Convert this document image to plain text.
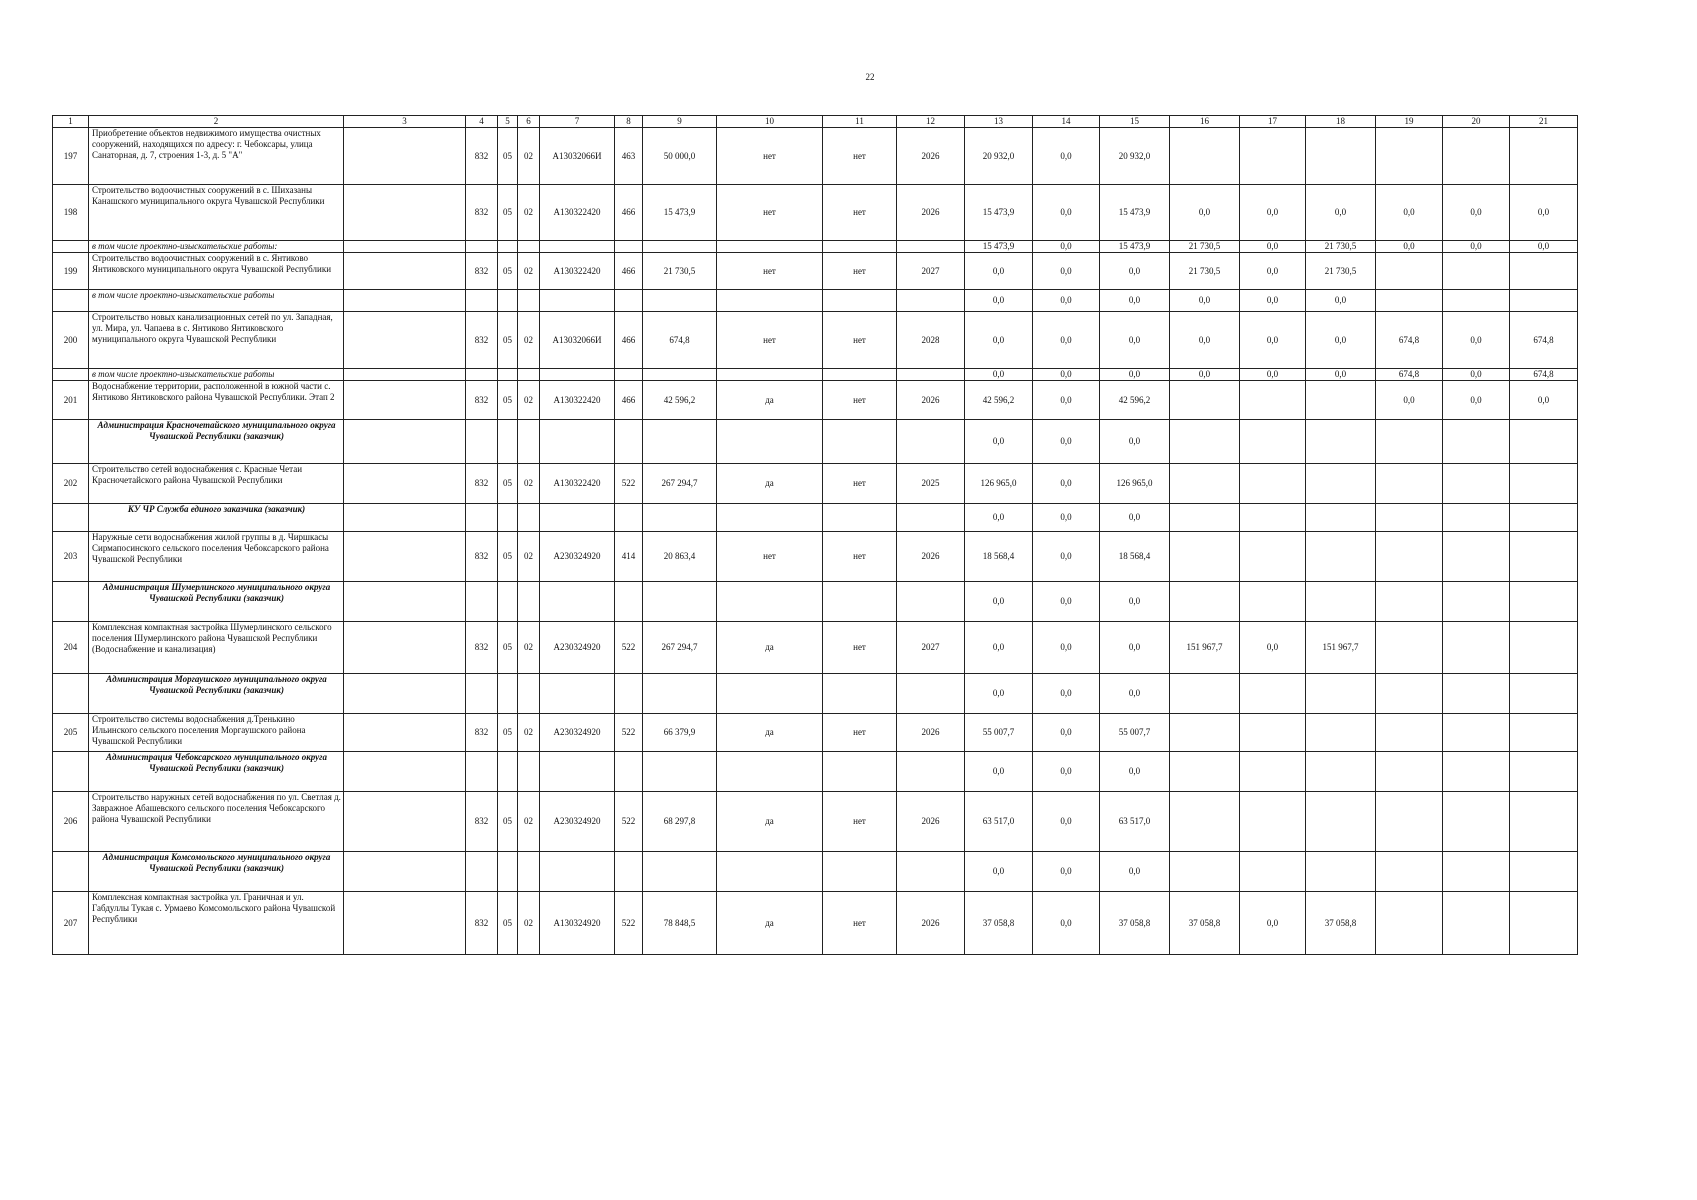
22
1	2	3	4	5	6	7	8	9	10	11	12	13	14	15	16	17	18	19	20	21
197	Приобретение объектов недвижимого имущества очистных сооружений, находящихся по адресу: г. Чебоксары, улица Санаторная, д. 7, строения 1-3, д. 5 "А"		832	05	02	А13032066И	463	50 000,0	нет	нет	2026	20 932,0	0,0	20 932,0						
198	Строительство водоочистных сооружений в с. Шихазаны Канашского муниципального округа Чувашской Республики		832	05	02	А130322420	466	15 473,9	нет	нет	2026	15 473,9	0,0	15 473,9	0,0	0,0	0,0	0,0	0,0	0,0
	в том числе проектно-изыскательские работы:											15 473,9	0,0	15 473,9	21 730,5	0,0	21 730,5	0,0	0,0	0,0
199	Строительство водоочистных сооружений в с. Янтиково Янтиковского муниципального округа Чувашской Республики		832	05	02	А130322420	466	21 730,5	нет	нет	2027	0,0	0,0	0,0	21 730,5	0,0	21 730,5			
	в том числе проектно-изыскательские работы											0,0	0,0	0,0	0,0	0,0	0,0			
200	Строительство новых канализационных сетей по ул. Западная, ул. Мира, ул. Чапаева в с. Янтиково Янтиковского муниципального округа Чувашской Республики		832	05	02	А13032066И	466	674,8	нет	нет	2028	0,0	0,0	0,0	0,0	0,0	0,0	674,8	0,0	674,8
	в том числе проектно-изыскательские работы											0,0	0,0	0,0	0,0	0,0	0,0	674,8	0,0	674,8
201	Водоснабжение территории, расположенной в южной части с. Янтиково Янтиковского района Чувашской Республики. Этап 2		832	05	02	А130322420	466	42 596,2	да	нет	2026	42 596,2	0,0	42 596,2				0,0	0,0	0,0
	Администрация Красночетайского муниципального округа Чувашской Республики (заказчик)											0,0	0,0	0,0						
202	Строительство сетей водоснабжения с. Красные Четаи Красночетайского района Чувашской Республики		832	05	02	А130322420	522	267 294,7	да	нет	2025	126 965,0	0,0	126 965,0						
	КУ ЧР Служба единого заказчика (заказчик)											0,0	0,0	0,0						
203	Наружные сети водоснабжения жилой группы в д. Чиршкасы Сирмапосинского сельского поселения Чебоксарского района Чувашской Республики		832	05	02	А230324920	414	20 863,4	нет	нет	2026	18 568,4	0,0	18 568,4						
	Администрация Шумерлинского муниципального округа Чувашской Республики (заказчик)											0,0	0,0	0,0						
204	Комплексная компактная застройка Шумерлинского сельского поселения Шумерлинского района Чувашской Республики (Водоснабжение и канализация)		832	05	02	А230324920	522	267 294,7	да	нет	2027	0,0	0,0	0,0	151 967,7	0,0	151 967,7			
	Администрация Моргаушского муниципального округа Чувашской Республики (заказчик)											0,0	0,0	0,0						
205	Строительство системы водоснабжения д.Тренькино Ильинского сельского поселения Моргаушского района Чувашской Республики		832	05	02	А230324920	522	66 379,9	да	нет	2026	55 007,7	0,0	55 007,7						
	Администрация Чебоксарского муниципального округа Чувашской Республики (заказчик)											0,0	0,0	0,0						
206	Строительство наружных сетей водоснабжения по ул. Светлая д. Завражное Абашевского сельского поселения Чебоксарского района Чувашской Республики		832	05	02	А230324920	522	68 297,8	да	нет	2026	63 517,0	0,0	63 517,0						
	Администрация Комсомольского муниципального округа Чувашской Республики (заказчик)											0,0	0,0	0,0						
207	Комплексная компактная застройка ул. Граничная и ул. Габдуллы Тукая с. Урмаево Комсомольского района Чувашской Республики		832	05	02	А130324920	522	78 848,5	да	нет	2026	37 058,8	0,0	37 058,8	37 058,8	0,0	37 058,8			
